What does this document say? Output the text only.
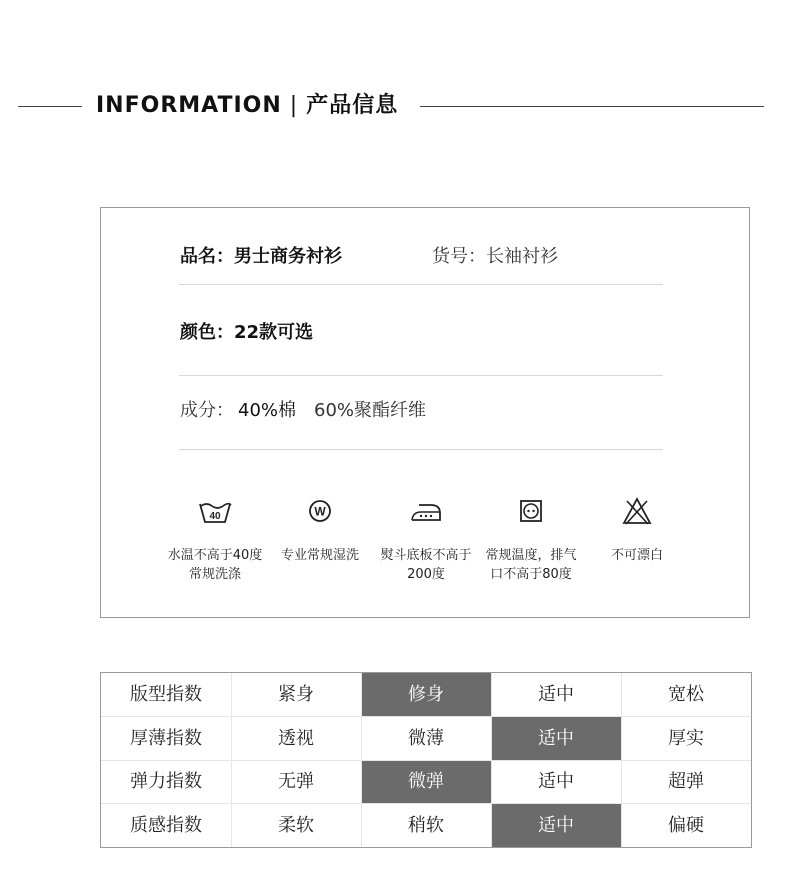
INFORMATION | 产品信息
品名：男士商务衬衫	货号：长袖衬衫
颜色：22款可选
成分： 40%棉 60%聚酯纤维
40
水温不高于40度
常规洗涤
W
专业常规湿洗	熨斗底板不高于
200度
常规温度，排气
口不高于80度
不可漂白
版型指数	紧身	修身	适中	宽松
厚薄指数	透视	微薄	适中	厚实
弹力指数	无弹	微弹	适中	超弹
质感指数	柔软	稍软	适中	偏硬
